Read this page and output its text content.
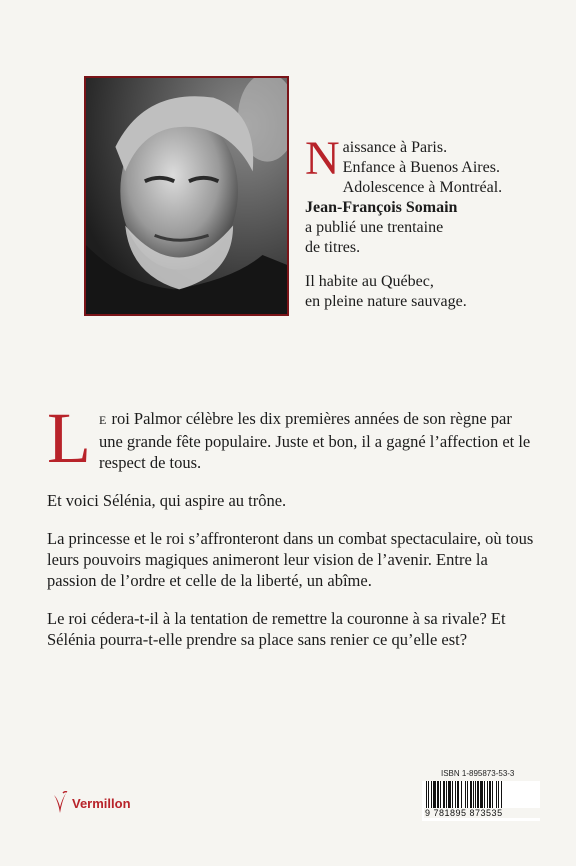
N aissance à Paris.
Enfance à Buenos Aires.
Adolescence à Montréal.
Jean-François Somain
a publié une trentaine
de titres.
Il habite au Québec,
en pleine nature sauvage.

L E roi Palmor célèbre les dix premières années de son règne par une grande fête populaire. Juste et bon, il a gagné l’affection et le respect de tous.

Et voici Sélénia, qui aspire au trône.

La princesse et le roi s’affronteront dans un combat spectaculaire, où tous leurs pouvoirs magiques animeront leur vision de l’avenir. Entre la passion de l’ordre et celle de la liberté, un abîme.

Le roi cédera-t-il à la tentation de remettre la couronne à sa rivale? Et Sélénia pourra-t-elle prendre sa place sans renier ce qu’elle est?

Vermillon
ISBN 1-895873-53-3
9 781895 873535
